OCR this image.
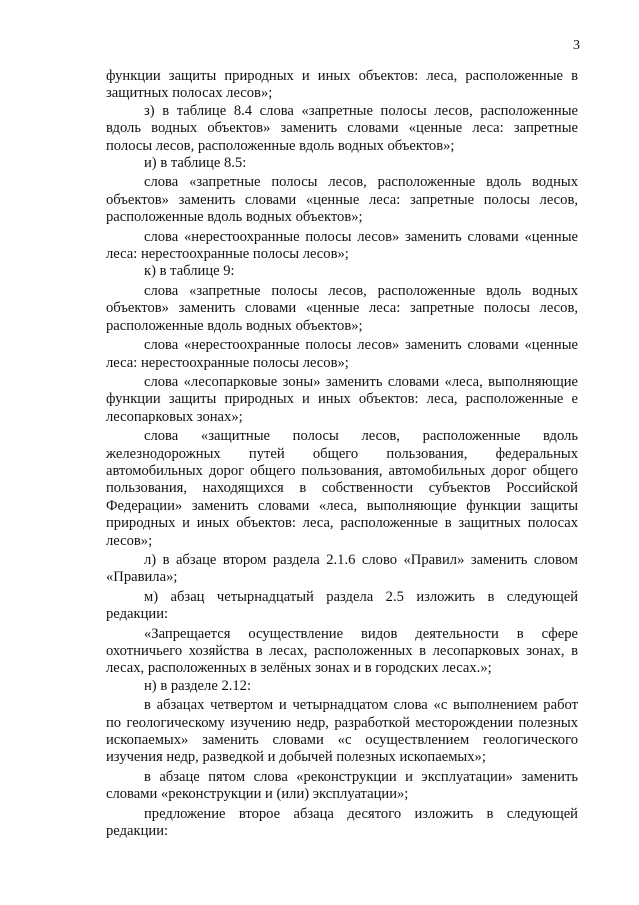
3

функции защиты природных и иных объектов: леса, расположенные в защитных полосах лесов»;

з) в таблице 8.4 слова «запретные полосы лесов, расположенные вдоль водных объектов» заменить словами «ценные леса: запретные полосы лесов, расположенные вдоль водных объектов»;

и) в таблице 8.5:

слова «запретные полосы лесов, расположенные вдоль водных объектов» заменить словами «ценные леса: запретные полосы лесов, расположенные вдоль водных объектов»;

слова «нерестоохранные полосы лесов» заменить словами «ценные леса: нерестоохранные полосы лесов»;

к) в таблице 9:

слова «запретные полосы лесов, расположенные вдоль водных объектов» заменить словами «ценные леса: запретные полосы лесов, расположенные вдоль водных объектов»;

слова «нерестоохранные полосы лесов» заменить словами «ценные леса: нерестоохранные полосы лесов»;

слова «лесопарковые зоны» заменить словами «леса, выполняющие функции защиты природных и иных объектов: леса, расположенные е лесопарковых зонах»;

слова «защитные полосы лесов, расположенные вдоль железнодорожных путей общего пользования, федеральных автомобильных дорог общего пользования, автомобильных дорог общего пользования, находящихся в собственности субъектов Российской Федерации» заменить словами «леса, выполняющие функции защиты природных и иных объектов: леса, расположенные в защитных полосах лесов»;

л) в абзаце втором раздела 2.1.6 слово «Правил» заменить словом «Правила»;

м) абзац четырнадцатый раздела 2.5 изложить в следующей редакции:

«Запрещается осуществление видов деятельности в сфере охотничьего хозяйства в лесах, расположенных в лесопарковых зонах, в лесах, расположенных в зелёных зонах и в городских лесах.»;

н) в разделе 2.12:

в абзацах четвертом и четырнадцатом слова «с выполнением работ по геологическому изучению недр, разработкой месторождении полезных ископаемых» заменить словами «с осуществлением геологического изучения недр, разведкой и добычей полезных ископаемых»;

в абзаце пятом слова «реконструкции и эксплуатации» заменить словами «реконструкции и (или) эксплуатации»;

предложение второе абзаца десятого изложить в следующей редакции:
